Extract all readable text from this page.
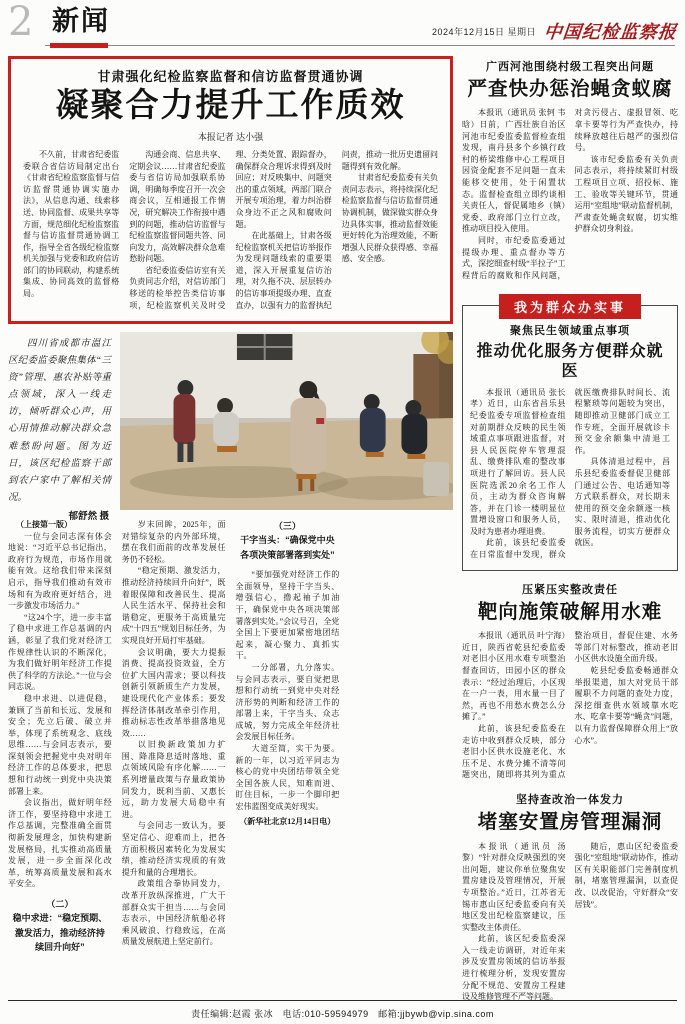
2 新闻	2024年12月15日 星期日 中国纪检监察报
甘肃强化纪检监察监督和信访监督贯通协调
凝聚合力提升工作质效
本报记者 达小强

不久前，甘肃省纪委监委联合省信访局制定出台《甘肃省纪检监察监督与信访监督贯通协调实施办法》，从信息沟通、线索移送、协同监督、成果共享等方面，规范细化纪检监察监督与信访监督贯通协调工作，指导全省各级纪检监察机关加强与党委和政府信访部门的协同联动，构建系统集成、协同高效的监督格局。

沟通会商、信息共享、定期会议……甘肃省纪委监委与省信访局加强联系协调，明确每季度召开一次会商会议，互相通报工作情况，研究解决工作衔接中遇到的问题，推动信访监督与纪检监察监督同题共答、同向发力，高效解决群众急难愁盼问题。

省纪委监委信访室有关负责同志介绍，对信访部门移送的检举控告类信访事项，纪检监察机关及时受理、分类处置、跟踪督办，确保群众合理诉求得到及时回应；对反映集中、问题突出的重点领域，两部门联合开展专项治理，着力纠治群众身边不正之风和腐败问题。

在此基础上，甘肃各级纪检监察机关把信访举报作为发现问题线索的重要渠道，深入开展重复信访治理，对久拖不决、层层转办的信访事项提级办理、直查直办，以强有力的监督执纪问责，推动一批历史遗留问题得到有效化解。

甘肃省纪委监委有关负责同志表示，将持续深化纪检监察监督与信访监督贯通协调机制，做深做实群众身边具体实事，推动监督效能更好转化为治理效能，不断增强人民群众获得感、幸福感、安全感。

四川省成都市温江区纪委监委聚焦集体“三资”管理、惠农补贴等重点领域，深入一线走访，倾听群众心声，用心用情推动解决群众急难愁盼问题。图为近日，该区纪检监察干部到农户家中了解相关情况。
郁舒然 摄

（上接第一版）

一位与会同志深有体会地说：“习近平总书记指出，政府行为规范，市场作用就能有效。这给我们带来深刻启示，指导我们推动有效市场和有为政府更好结合，进一步激发市场活力。”

“这24个字，进一步丰富了稳中求进工作总基调的内涵，彰显了我们党对经济工作规律性认识的不断深化，为我们做好明年经济工作提供了科学的方法论。”一位与会同志说。

稳中求进、以进促稳，兼顾了当前和长远、发展和安全；先立后破、破立并举，体现了系统观念、底线思维……与会同志表示，要深刻领会把握党中央对明年经济工作的总体要求，把思想和行动统一到党中央决策部署上来。

会议指出，做好明年经济工作，要坚持稳中求进工作总基调，完整准确全面贯彻新发展理念，加快构建新发展格局，扎实推动高质量发展，进一步全面深化改革，统筹高质量发展和高水平安全。

（二）
稳中求进：“稳定预期、激发活力，推动经济持续回升向好”

岁末回眸，2025年，面对错综复杂的内外部环境，摆在我们面前的改革发展任务仍不轻松。

“稳定预期、激发活力，推动经济持续回升向好”，既着眼保障和改善民生、提高人民生活水平、保持社会和谐稳定，更服务于高质量完成“十四五”规划目标任务，为实现良好开局打牢基础。

会议明确，要大力提振消费、提高投资效益，全方位扩大国内需求；要以科技创新引领新质生产力发展，建设现代化产业体系；要发挥经济体制改革牵引作用，推动标志性改革举措落地见效……

以旧换新政策加力扩围、降准降息适时落地、重点领域风险有序化解……一系列增量政策与存量政策协同发力，既利当前、又惠长远，助力发展大局稳中有进。

与会同志一致认为，要坚定信心、迎难而上，把各方面积极因素转化为发展实绩，推动经济实现质的有效提升和量的合理增长。

政策组合拳协同发力，改革开放纵深推进，广大干部群众实干担当……与会同志表示，中国经济航船必将乘风破浪、行稳致远，在高质量发展航道上坚定前行。

（三）
干字当头：“确保党中央各项决策部署落到实处”

“要加强党对经济工作的全面领导，坚持干字当头、增强信心，撸起袖子加油干，确保党中央各项决策部署落到实处。”会议号召，全党全国上下要更加紧密地团结起来，凝心聚力、真抓实干。

一分部署，九分落实。与会同志表示，要自觉把思想和行动统一到党中央对经济形势的判断和经济工作的部署上来，干字当头、众志成城，努力完成全年经济社会发展目标任务。

大道至简，实干为要。新的一年，以习近平同志为核心的党中央团结带领全党全国各族人民，知难而进、盯住目标，一步一个脚印把宏伟蓝图变成美好现实。

（新华社北京12月14日电）

广西河池围绕村级工程突出问题
严查快办惩治蝇贪蚁腐

本报讯（通讯员 张轲 韦晗）日前，广西壮族自治区河池市纪委监委监督检查组发现，南丹县多个乡镇行政村的桥梁维修中心工程项目因资金配套不足问题一直未能移交使用，处于闲置状态。监督检查组立即约谈相关责任人，督促属地乡（镇）党委、政府部门立行立改，推动项目投入使用。

同时，市纪委监委通过提级办理、重点督办等方式，深挖细查村级“半拉子”工程背后的腐败和作风问题，对贪污侵占、虚报冒领、吃拿卡要等行为严查快办，持续释放越往后越严的强烈信号。

该市纪委监委有关负责同志表示，将持续紧盯村级工程项目立项、招投标、施工、验收等关键环节，贯通运用“室组地”联动监督机制，严肃查处蝇贪蚁腐，切实维护群众切身利益。

我为群众办实事
聚焦民生领域重点事项
推动优化服务方便群众就医

本报讯（通讯员 张长孝）近日，山东省昌乐县纪委监委专项监督检查组对前期群众反映的民生领域重点事项跟进监督，对县人民医院停车管理混乱、缴费排队难的整改事项进行了解回访。县人民医院选派20余名工作人员，主动为群众咨询解答，并在门诊一楼明显位置增设窗口和服务人员，及时为患者办理退费。

此前，该县纪委监委在日常监督中发现，群众就医缴费排队时间长、流程繁琐等问题较为突出，随即推动卫健部门成立工作专班，全面开展就诊卡预交金余额集中清退工作。

具体清退过程中，昌乐县纪委监委督促卫健部门通过公告、电话通知等方式联系群众，对长期未使用的预交金余额逐一核实、限时清退，推动优化服务流程，切实方便群众就医。

压紧压实整改责任
靶向施策破解用水难

本报讯（通讯员 叶宁海）近日，陕西省乾县纪委监委对老旧小区用水难专项整治督查回访，田园小区的群众表示：“经过治理后，小区现在一户一表，用水量一目了然，再也不用愁水费怎么分摊了。”

此前，该县纪委监委在走访中收到群众反映，部分老旧小区供水设施老化、水压不足、水费分摊不清等问题突出，随即将其列为重点整治项目，督促住建、水务等部门对标整改，推动老旧小区供水设施全面升级。

乾县纪委监委畅通群众举报渠道，加大对党员干部履职不力问题的查处力度，深挖细查供水领域靠水吃水、吃拿卡要等“蝇贪”问题，以有力监督保障群众用上“放心水”。

坚持查改治一体发力
堵塞安置房管理漏洞

本报讯（通讯员 汤黎）“针对群众反映强烈的突出问题，建议你单位聚焦安置房建设及管理情况，开展专项整治。”近日，江苏省无锡市惠山区纪委监委向有关地区发出纪检监察建议，压实整改主体责任。

此前，该区纪委监委深入一线走访调研，对近年来涉及安置房领域的信访举报进行梳理分析，发现安置房分配不规范、安置房工程建设及维修管理不严等问题。

随后，惠山区纪委监委强化“室组地”联动协作，推动区有关职能部门完善制度机制，堵塞管理漏洞，以查促改、以改促治，守好群众“安居钱”。

责任编辑:赵霞 张冰　电话:010-59594979　邮箱:jjbywb@vip.sina.com
